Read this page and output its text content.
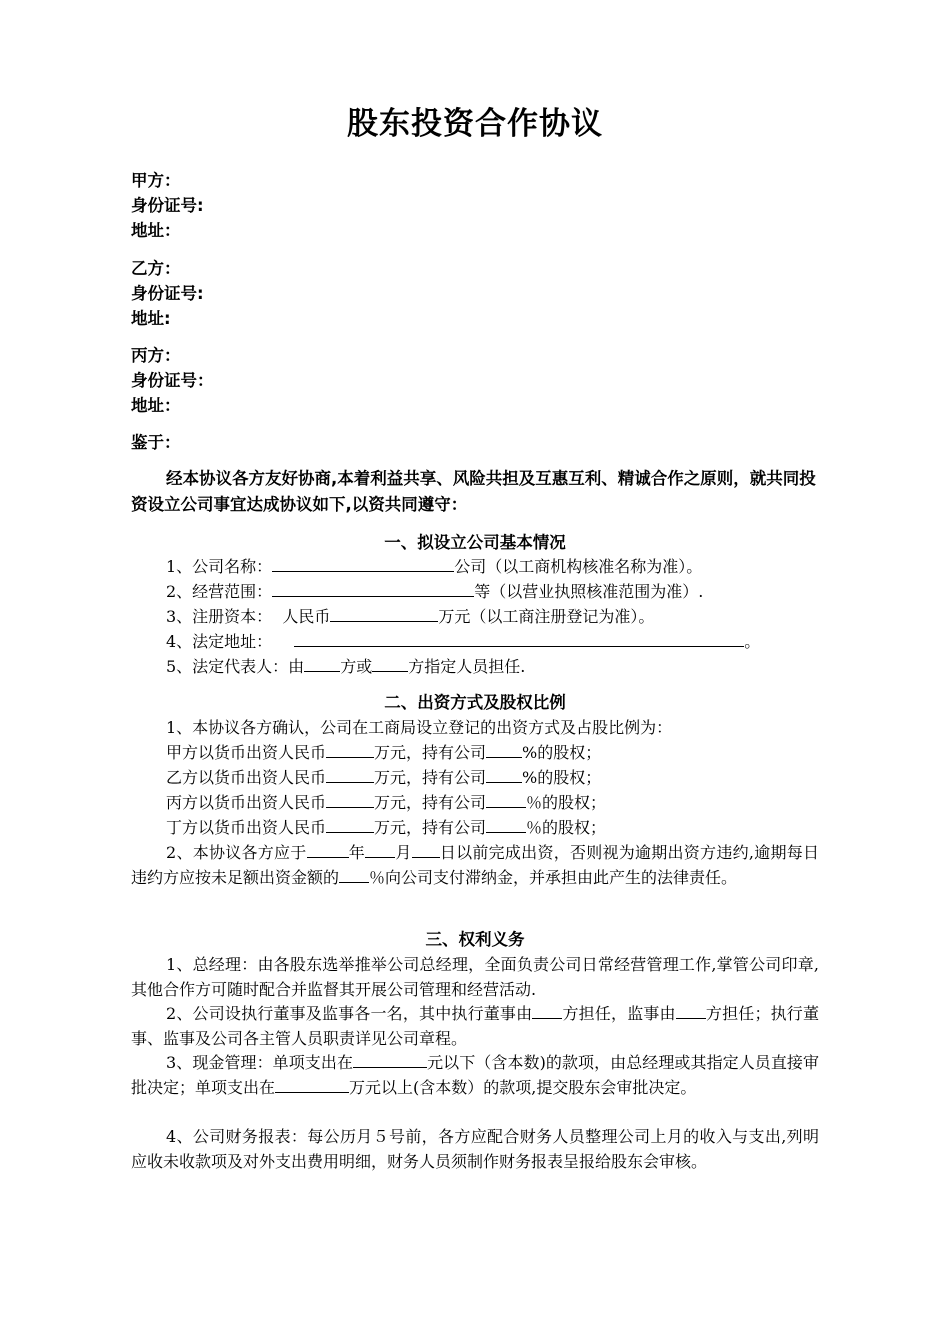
股东投资合作协议
甲方：
身份证号:
地址：
乙方：
身份证号:
地址:
丙方：
身份证号：
地址：
鉴于：
经本协议各方友好协商,本着利益共享、风险共担及互惠互利、精诚合作之原则，就共同投资设立公司事宜达成协议如下,以资共同遵守：
一、拟设立公司基本情况
1、公司名称：	公司（以工商机构核准名称为准）。
2、经营范围：	等（以营业执照核准范围为准）.
3、注册资本：  人民币	万元（以工商注册登记为准）。
4、法定地址：	。
5、法定代表人：由 方或 方指定人员担任.
二、出资方式及股权比例
1、本协议各方确认，公司在工商局设立登记的出资方式及占股比例为：
甲方以货币出资人民币	万元，持有公司 %的股权；
乙方以货币出资人民币	万元，持有公司 %的股权；
丙方以货币出资人民币	万元，持有公司	％的股权；
丁方以货币出资人民币	万元，持有公司	％的股权；
2、本协议各方应于	年 月 日以前完成出资，否则视为逾期出资方违约,逾期每日违约方应按未足额出资金额的 ％向公司支付滞纳金，并承担由此产生的法律责任。
三、权利义务
1、总经理：由各股东选举推举公司总经理，全面负责公司日常经营管理工作,掌管公司印章,其他合作方可随时配合并监督其开展公司管理和经营活动.
2、公司设执行董事及监事各一名，其中执行董事由 方担任，监事由 方担任；执行董事、监事及公司各主管人员职责详见公司章程。
3、现金管理：单项支出在	元以下（含本数)的款项，由总经理或其指定人员直接审批决定；单项支出在	万元以上(含本数）的款项,提交股东会审批决定。
4、公司财务报表：每公历月５号前，各方应配合财务人员整理公司上月的收入与支出,列明应收未收款项及对外支出费用明细，财务人员须制作财务报表呈报给股东会审核。
